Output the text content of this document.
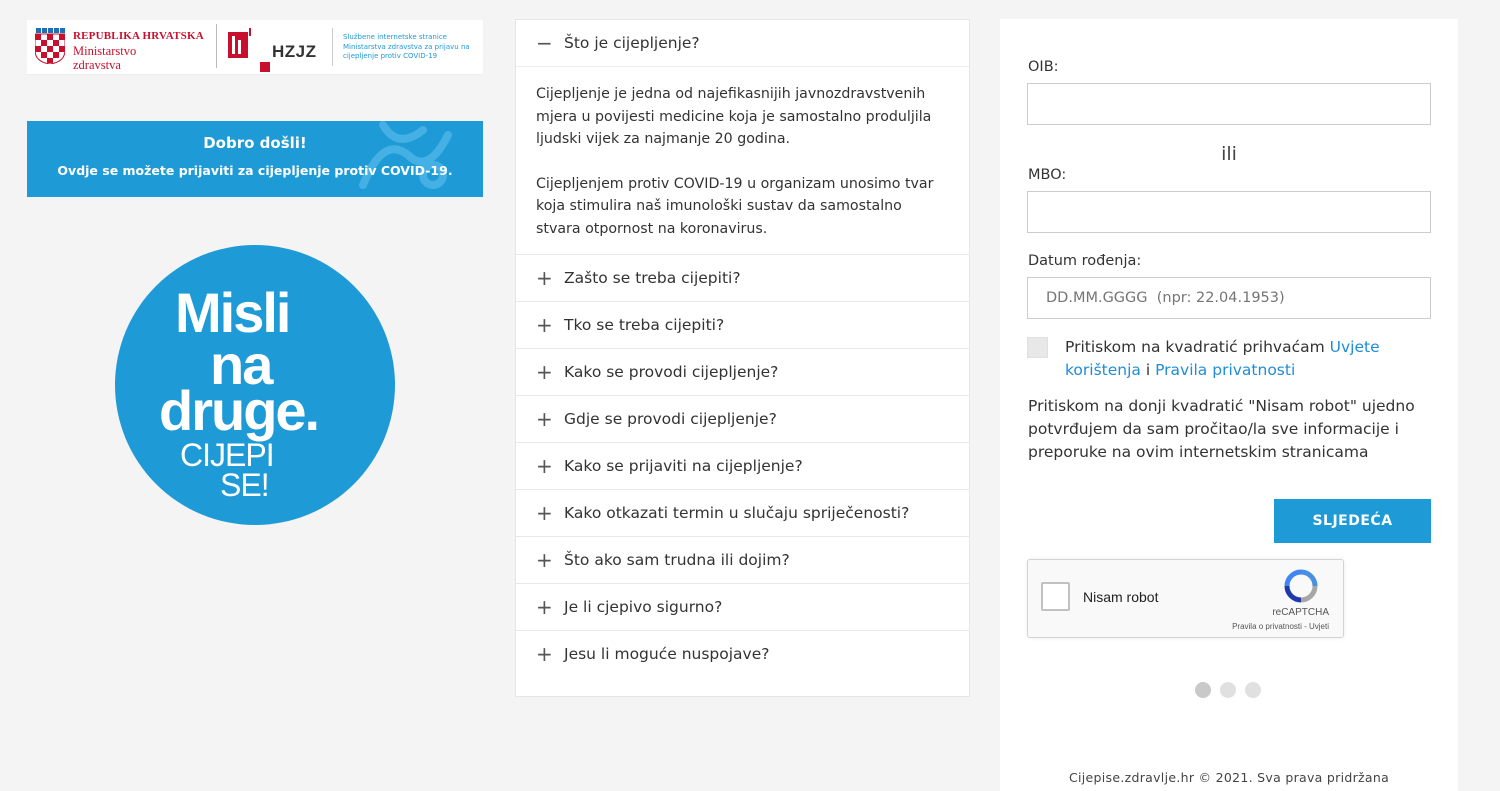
REPUBLIKA HRVATSKA
Ministarstvo zdravstva
HZJZ
Službene internetske stranice Ministarstva zdravstva za prijavu na cijepljenje protiv COVID-19
Dobro došli!
Ovdje se možete prijaviti za cijepljenje protiv COVID-19.
Misli
na
druge.
CIJEPI
SE!
− Što je cijepljenje?

Cijepljenje je jedna od najefikasnijih javnozdravstvenih mjera u povijesti medicine koja je samostalno produljila ljudski vijek za najmanje 20 godina.

Cijepljenjem protiv COVID-19 u organizam unosimo tvar koja stimulira naš imunološki sustav da samostalno stvara otpornost na koronavirus.

+ Zašto se treba cijepiti?
+ Tko se treba cijepiti?
+ Kako se provodi cijepljenje?
+ Gdje se provodi cijepljenje?
+ Kako se prijaviti na cijepljenje?
+ Kako otkazati termin u slučaju spriječenosti?
+ Što ako sam trudna ili dojim?
+ Je li cjepivo sigurno?
+ Jesu li moguće nuspojave?
OIB:
ili
MBO:
Datum rođenja:
DD.MM.GGGG (npr: 22.04.1953)
Pritiskom na kvadratić prihvaćam Uvjete korištenja i Pravila privatnosti
Pritiskom na donji kvadratić "Nisam robot" ujedno potvrđujem da sam pročitao/la sve informacije i preporuke na ovim internetskim stranicama
SLJEDEĆA
Nisam robot
reCAPTCHA
Pravila o privatnosti - Uvjeti
Cijepise.zdravlje.hr © 2021. Sva prava pridržana
